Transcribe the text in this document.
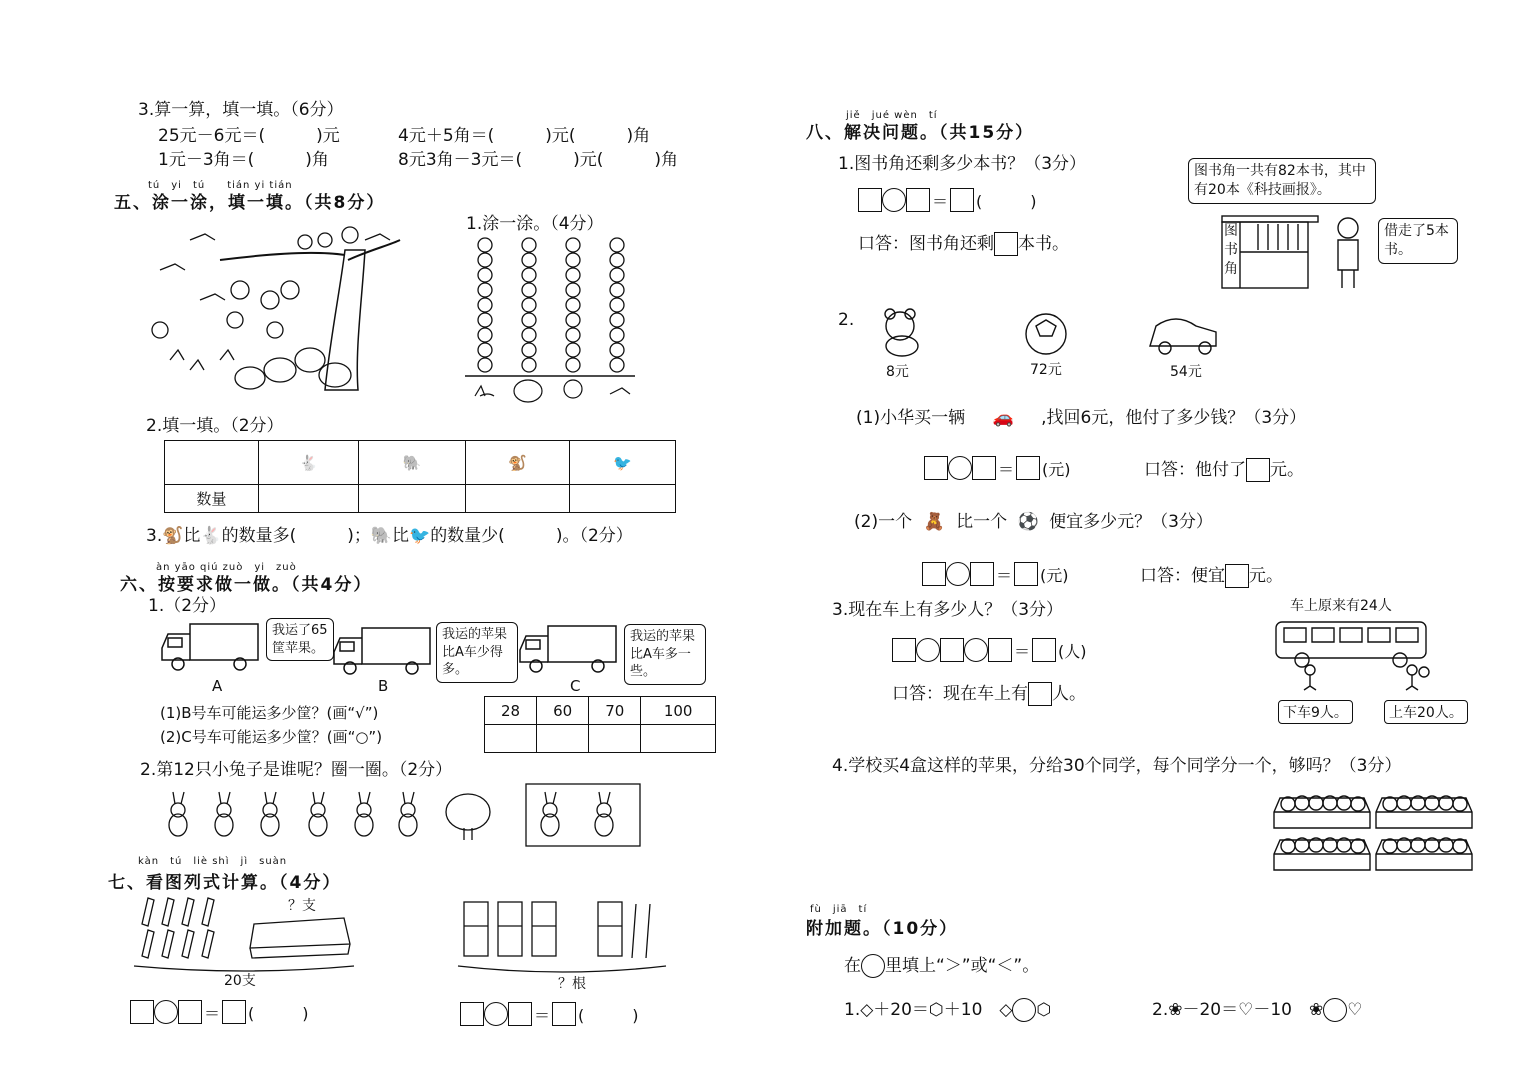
3.算一算，填一填。（6分）
25元－6元＝(　　　)元	4元＋5角＝(　　　)元(　　　)角
1元－3角＝(　　　)角	8元3角－3元＝(　　　)元(　　　)角
tú　yi　tú　　tián yi tián
五、涂一涂，填一填。（共8分）
1.涂一涂。（4分）
2.填一填。（2分）
	🐇	🐘	🐒	🐦
数量				
3.🐒比🐇的数量多(　　　)；🐘比🐦的数量少(　　　)。（2分）
àn yāo qiú zuò　yi　zuò
六、按要求做一做。（共4分）
1.（2分）
我运了65筐苹果。
A
我运的苹果比A车少得多。
B
我运的苹果比A车多一些。
C
(1)B号车可能运多少筐？(画“√”)
(2)C号车可能运多少筐？(画“○”)
28	60	70	100

2.第12只小兔子是谁呢？圈一圈。（2分）
kàn　tú　liè shì　jì　suàn
七、看图列式计算。（4分）
？支
20支
＝ (　　　)
？根
＝ (　　　)
jiě　jué wèn　tí
八、解决问题。（共15分）
1.图书角还剩多少本书？（3分）
＝ (　　　)
口答：图书角还剩 本书。
图书角一共有82本书，其中有20本《科技画报》。
图书角
借走了5本书。
2.
8元	72元	54元
(1)小华买一辆 🚗 ,找回6元，他付了多少钱？（3分）
＝ (元)	口答：他付了 元。
(2)一个 🧸 比一个 ⚽ 便宜多少元？（3分）
＝ (元)	口答：便宜 元。
3.现在车上有多少人？（3分）
＝ (人)
口答：现在车上有 人。
车上原来有24人
下车9人。	上车20人。
4.学校买4盒这样的苹果，分给30个同学，每个同学分一个，够吗？（3分）
fù　jiā　tí
附加题。（10分）
在 里填上“＞”或“＜”。
1.◇＋20＝⬡＋10　◇ ⬡	2.❀－20＝♡－10　❀ ♡
